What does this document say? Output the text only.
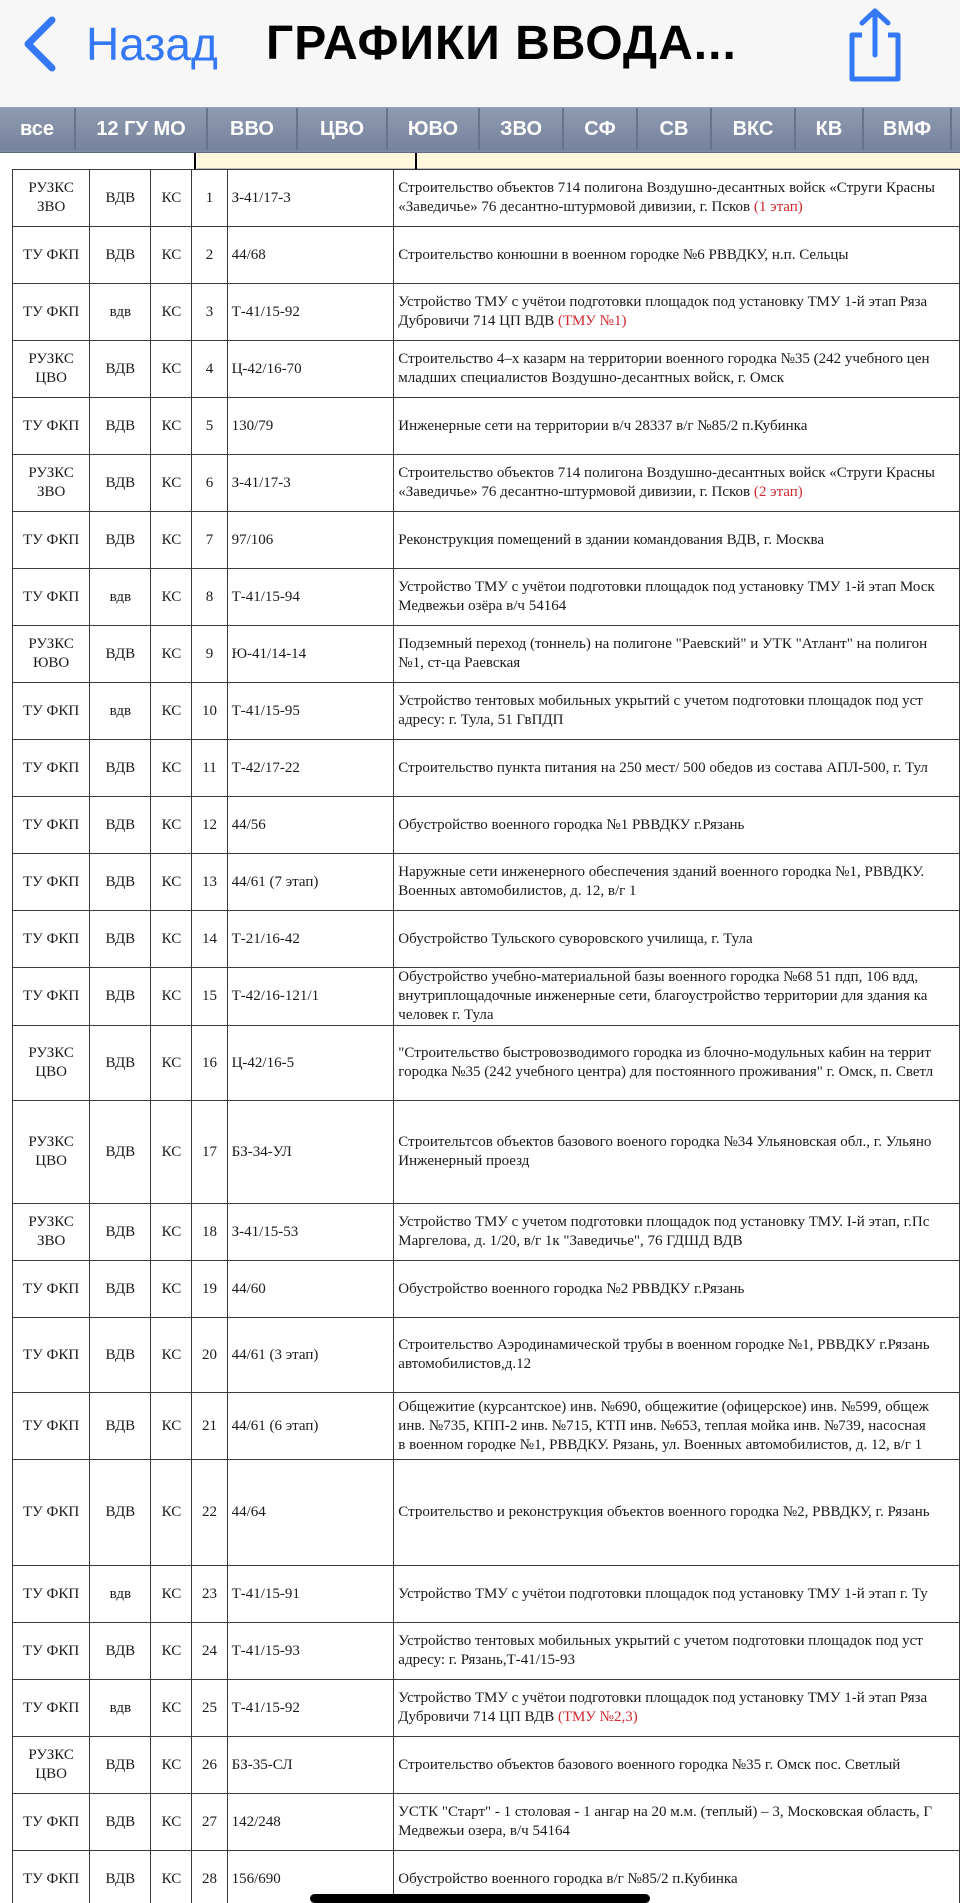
Назад ГРАФИКИ ВВОДА...
все	12 ГУ МО	ВВО	ЦВО	ЮВО	ЗВО	СФ	СВ	ВКС	КВ	ВМФ
РУЗКС ЗВО	ВДВ	КС	1	З-41/17-3	Строительство объектов 714 полигона Воздушно-десантных войск «Струги Красны
«Заведичье» 76 десантно-штурмовой дивизии, г. Псков (1 этап)
ТУ ФКП	ВДВ	КС	2	44/68	Строительство конюшни в военном городке №6 РВВДКУ, н.п. Сельцы
ТУ ФКП	вдв	КС	3	Т-41/15-92	Устройство ТМУ с учётои подготовки площадок под установку ТМУ 1-й этап Ряза
Дубровичи 714 ЦП ВДВ (ТМУ №1)
РУЗКС ЦВО	ВДВ	КС	4	Ц-42/16-70	Строительство 4–х казарм на территории военного городка №35 (242 учебного цен
младших специалистов Воздушно-десантных войск, г. Омск
ТУ ФКП	ВДВ	КС	5	130/79	Инженерные сети на территории в/ч 28337 в/г №85/2 п.Кубинка
РУЗКС ЗВО	ВДВ	КС	6	З-41/17-3	Строительство объектов 714 полигона Воздушно-десантных войск «Струги Красны
«Заведичье» 76 десантно-штурмовой дивизии, г. Псков (2 этап)
ТУ ФКП	ВДВ	КС	7	97/106	Реконструкция помещений в здании командования ВДВ, г. Москва
ТУ ФКП	вдв	КС	8	Т-41/15-94	Устройство ТМУ с учётои подготовки площадок под установку ТМУ 1-й этап Моск
Медвежьи озёра в/ч 54164
РУЗКС ЮВО	ВДВ	КС	9	Ю-41/14-14	Подземный переход (тоннель) на полигоне "Раевский" и УТК "Атлант" на полигон
№1, ст-ца Раевская
ТУ ФКП	вдв	КС	10	Т-41/15-95	Устройство тентовых мобильных укрытий с учетом подготовки площадок под уст
адресу: г. Тула, 51 ГвПДП
ТУ ФКП	ВДВ	КС	11	Т-42/17-22	Строительство пункта питания на 250 мест/ 500 обедов из состава АПЛ-500, г. Тул
ТУ ФКП	ВДВ	КС	12	44/56	Обустройство военного городка №1 РВВДКУ г.Рязань
ТУ ФКП	ВДВ	КС	13	44/61 (7 этап)	Наружные сети инженерного обеспечения зданий военного городка №1, РВВДКУ.
Военных автомобилистов, д. 12, в/г 1
ТУ ФКП	ВДВ	КС	14	Т-21/16-42	Обустройство Тульского суворовского училища, г. Тула
ТУ ФКП	ВДВ	КС	15	Т-42/16-121/1	Обустройство учебно-материальной базы военного городка №68 51 пдп, 106 вдд,
внутриплощадочные инженерные сети, благоустройство территории для здания ка
человек г. Тула
РУЗКС ЦВО	ВДВ	КС	16	Ц-42/16-5	"Строительство быстровозводимого городка из блочно-модульных кабин на террит
городка №35 (242 учебного центра) для постоянного проживания" г. Омск, п. Светл
РУЗКС ЦВО	ВДВ	КС	17	БЗ-34-УЛ	Строительтсов объектов базового военого городка №34 Ульяновская обл., г. Ульяно
Инженерный проезд
РУЗКС ЗВО	ВДВ	КС	18	З-41/15-53	Устройство ТМУ с учетом подготовки площадок под установку ТМУ. I-й этап, г.Пс
Маргелова, д. 1/20, в/г 1к "Заведичье", 76 ГДШД ВДВ
ТУ ФКП	ВДВ	КС	19	44/60	Обустройство военного городка №2 РВВДКУ г.Рязань
ТУ ФКП	ВДВ	КС	20	44/61 (3 этап)	Строительство Аэродинамической трубы в военном городке №1, РВВДКУ г.Рязань
автомобилистов,д.12
ТУ ФКП	ВДВ	КС	21	44/61 (6 этап)	Общежитие (курсантское) инв. №690, общежитие (офицерское) инв. №599, общеж
инв. №735, КПП-2 инв. №715, КТП инв. №653, теплая мойка инв. №739, насосная
в военном городке №1, РВВДКУ. Рязань, ул. Военных автомобилистов, д. 12, в/г 1
ТУ ФКП	ВДВ	КС	22	44/64	Строительство и реконструкция объектов военного городка №2, РВВДКУ, г. Рязань
ТУ ФКП	вдв	КС	23	Т-41/15-91	Устройство ТМУ с учётои подготовки площадок под установку ТМУ 1-й этап г. Ту
ТУ ФКП	ВДВ	КС	24	Т-41/15-93	Устройство тентовых мобильных укрытий с учетом подготовки площадок под уст
адресу: г. Рязань,Т-41/15-93
ТУ ФКП	вдв	КС	25	Т-41/15-92	Устройство ТМУ с учётои подготовки площадок под установку ТМУ 1-й этап Ряза
Дубровичи 714 ЦП ВДВ (ТМУ №2,3)
РУЗКС ЦВО	ВДВ	КС	26	БЗ-35-СЛ	Строительство объектов базового военного городка №35 г. Омск пос. Светлый
ТУ ФКП	ВДВ	КС	27	142/248	УСТК "Старт" - 1 столовая - 1 ангар на 20 м.м. (теплый) – 3, Московская область, Г
Медвежьи озера, в/ч 54164
ТУ ФКП	ВДВ	КС	28	156/690	Обустройство военного городка в/г №85/2 п.Кубинка
